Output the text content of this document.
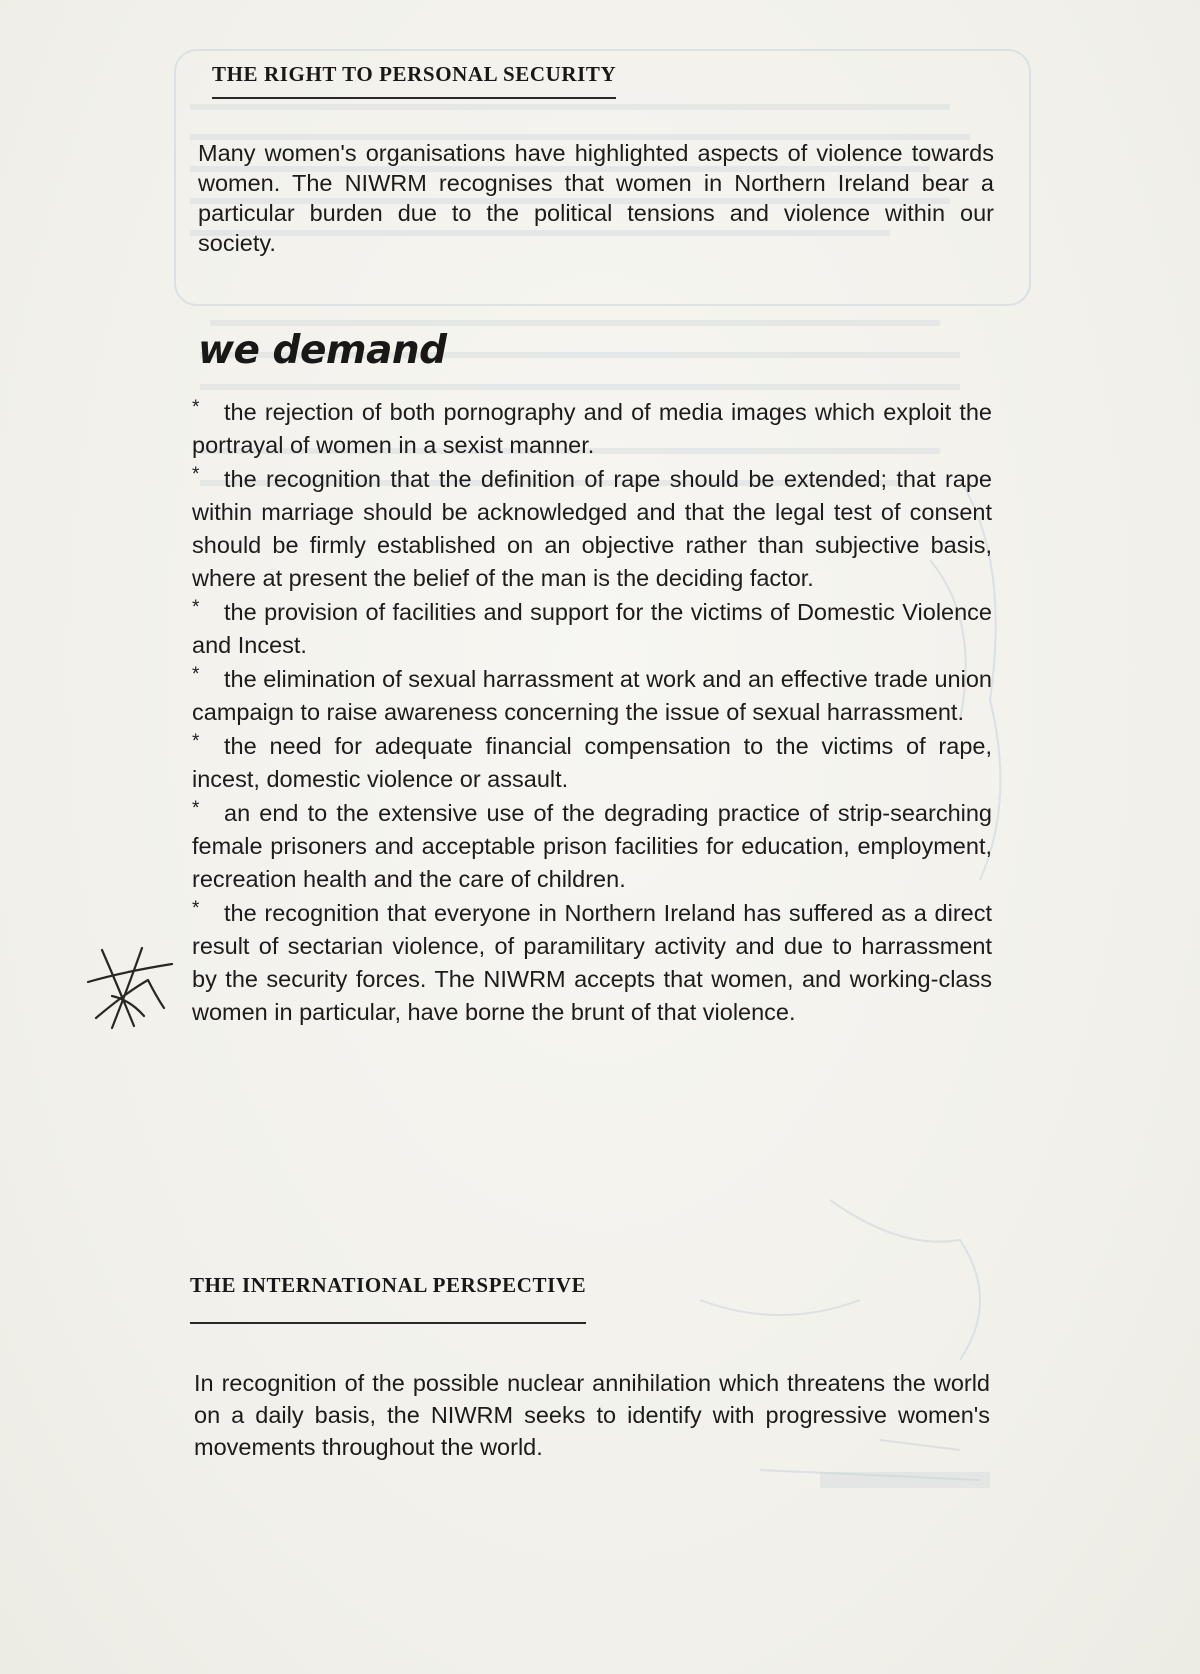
THE RIGHT TO PERSONAL SECURITY
Many women's organisations have highlighted aspects of violence towards women. The NIWRM recognises that women in Northern Ireland bear a particular burden due to the political tensions and violence within our society.
we demand
* the rejection of both pornography and of media images which exploit the portrayal of women in a sexist manner.
* the recognition that the definition of rape should be extended; that rape within marriage should be acknowledged and that the legal test of consent should be firmly established on an objective rather than subjective basis, where at present the belief of the man is the deciding factor.
* the provision of facilities and support for the victims of Domestic Violence and Incest.
* the elimination of sexual harrassment at work and an effective trade union campaign to raise awareness concerning the issue of sexual harrassment.
* the need for adequate financial compensation to the victims of rape, incest, domestic violence or assault.
* an end to the extensive use of the degrading practice of strip-searching female prisoners and acceptable prison facilities for education, employment, recreation health and the care of children.
* the recognition that everyone in Northern Ireland has suffered as a direct result of sectarian violence, of paramilitary activity and due to harrassment by the security forces. The NIWRM accepts that women, and working-class women in particular, have borne the brunt of that violence.
THE INTERNATIONAL PERSPECTIVE
In recognition of the possible nuclear annihilation which threatens the world on a daily basis, the NIWRM seeks to identify with progressive women's movements throughout the world.
